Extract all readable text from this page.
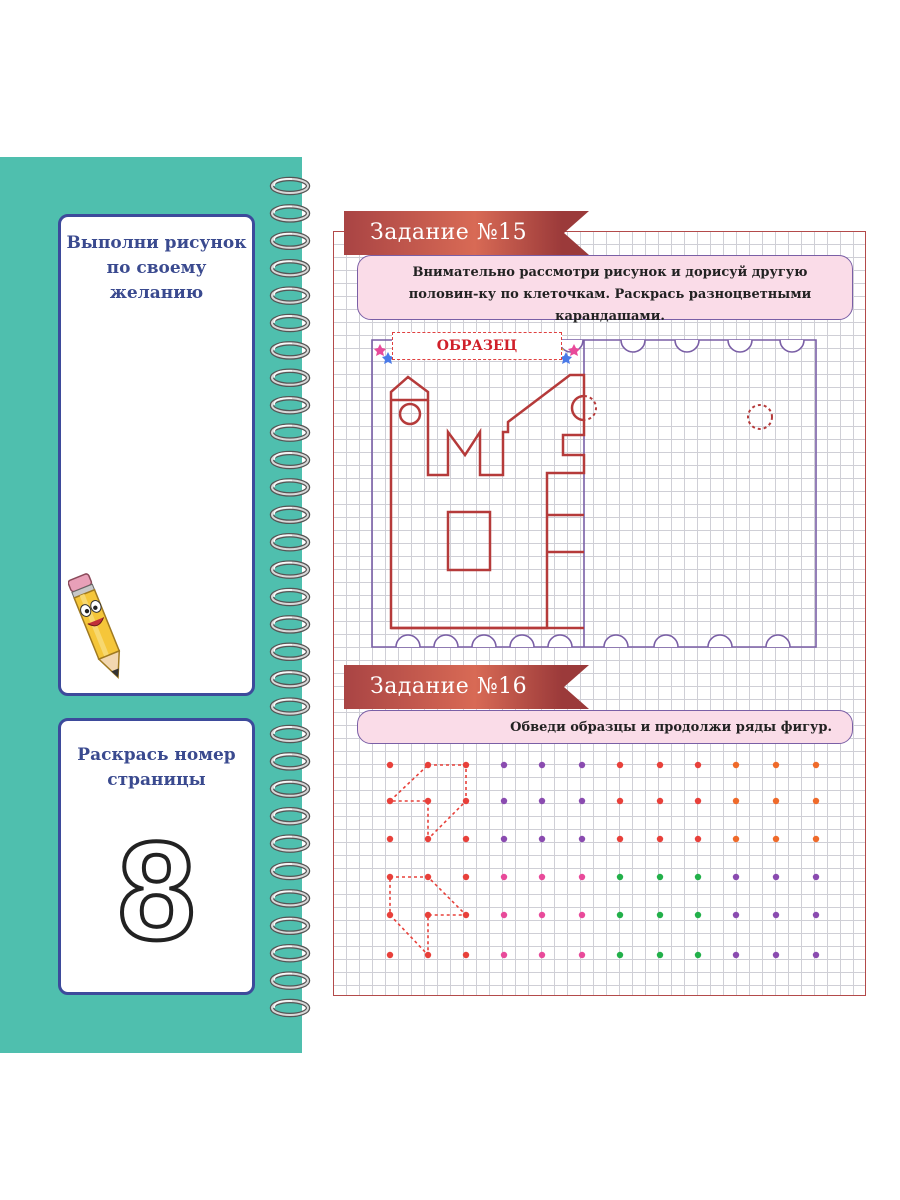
Выполни рисунок по своему желанию
Раскрась номер страницы
8
Задание №15
Внимательно рассмотри рисунок и дорисуй другую половин-ку по клеточкам. Раскрась разноцветными карандашами.
ОБРАЗЕЦ
Задание №16
Обведи образцы и продолжи ряды фигур.
